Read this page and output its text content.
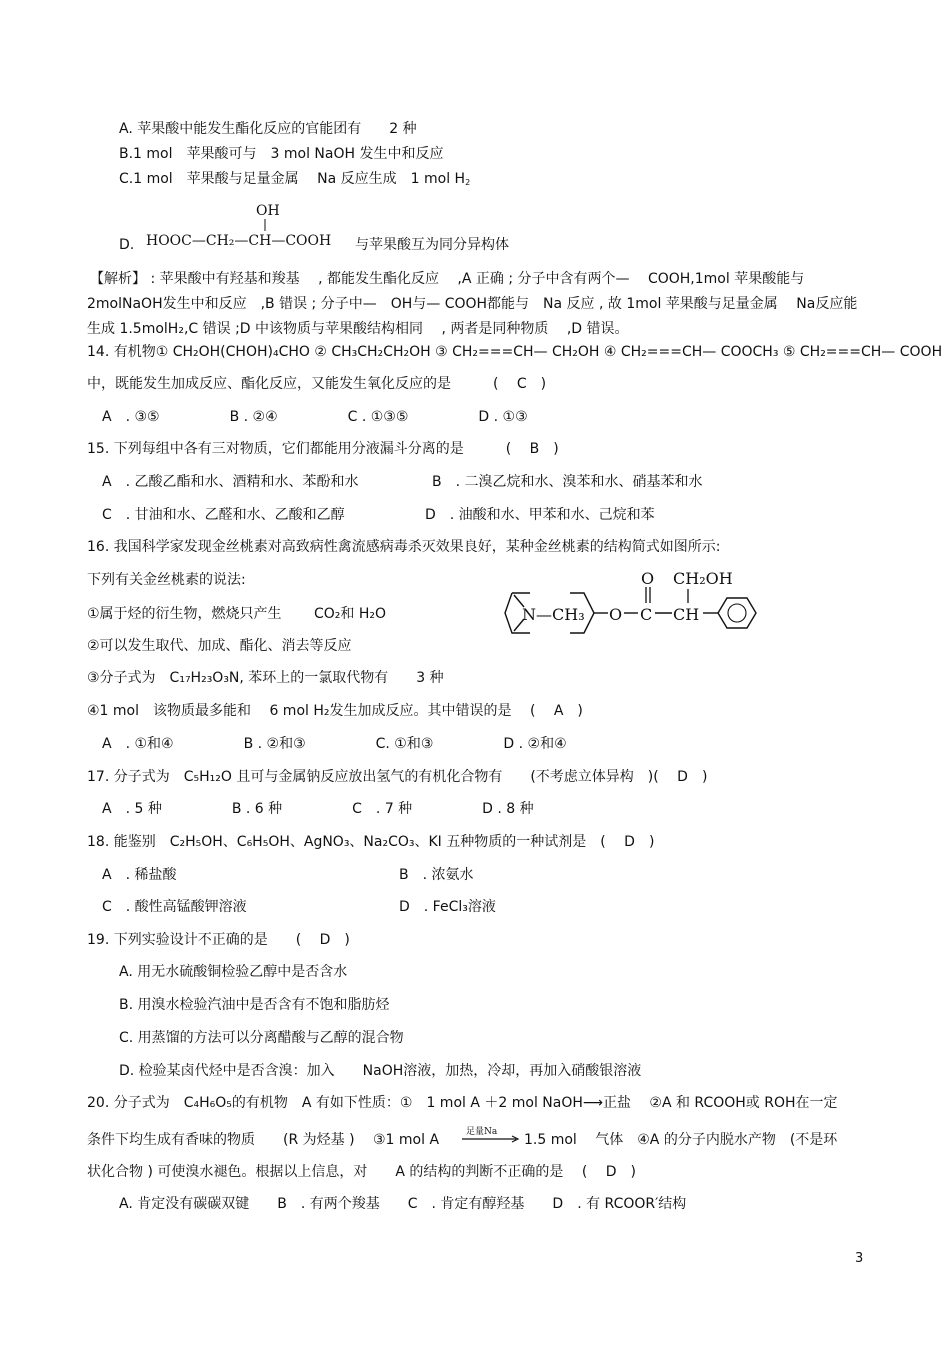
A. 苹果酸中能发生酯化反应的官能团有　　2 种
B.1 mol　苹果酸可与　3 mol NaOH 发生中和反应
C.1 mol　苹果酸与足量金属　 Na 反应生成　1 mol $H_2$
D.
OH
HOOC—CH₂—CH—COOH 与苹果酸互为同分异构体
【解析】 : 苹果酸中有羟基和羧基　 , 都能发生酯化反应　 ,A 正确 ; 分子中含有两个—　 COOH,1mol 苹果酸能与
2molNaOH发生中和反应　,B 错误 ; 分子中—　OH与— COOH都能与　Na 反应 , 故 1mol 苹果酸与足量金属　 Na反应能
生成 1.5molH₂,C 错误 ;D 中该物质与苹果酸结构相同　 , 两者是同种物质　 ,D 错误。
14. 有机物① CH₂OH(CHOH)₄CHO ② CH₃CH₂CH₂OH ③ CH₂===CH— CH₂OH ④ CH₂===CH— COOCH₃ ⑤ CH₂===CH— COOH
中，既能发生加成反应、酯化反应，又能发生氧化反应的是　　　(　 C　)
A　. ③⑤　　　　　B . ②④　　　　　C . ①③⑤　　　　　D . ①③
15. 下列每组中各有三对物质，它们都能用分液漏斗分离的是　　　(　 B　)
A　. 乙酸乙酯和水、酒精和水、苯酚和水	B　. 二溴乙烷和水、溴苯和水、硝基苯和水
C　. 甘油和水、乙醛和水、乙酸和乙醇	D　. 油酸和水、甲苯和水、己烷和苯
16. 我国科学家发现金丝桃素对高致病性禽流感病毒杀灭效果良好，某种金丝桃素的结构简式如图所示:
下列有关金丝桃素的说法:
①属于烃的衍生物，燃烧只产生　　 CO₂和 H₂O
②可以发生取代、加成、酯化、消去等反应
③分子式为　C₁₇H₂₃O₃N, 苯环上的一氯取代物有　　3 种
④1 mol　该物质最多能和　 6 mol H₂发生加成反应。其中错误的是　 (　 A　)
A　. ①和④　　　　　B . ②和③　　　　　C. ①和③　　　　　D . ②和④
N—CH₃ O C
O
CH
CH₂OH
17. 分子式为　C₅H₁₂O 且可与金属钠反应放出氢气的有机化合物有　　(不考虑立体异构　)(　 D　)
A　. 5 种　　　　　B . 6 种　　　　　C　. 7 种　　　　　D . 8 种
18. 能鉴别　C₂H₅OH、C₆H₅OH、AgNO₃、Na₂CO₃、KI 五种物质的一种试剂是　(　 D　)
A　. 稀盐酸	B　. 浓氨水
C　. 酸性高锰酸钾溶液	D　. FeCl₃溶液
19. 下列实验设计不正确的是　　(　 D　)
A. 用无水硫酸铜检验乙醇中是否含水
B. 用溴水检验汽油中是否含有不饱和脂肪烃
C. 用蒸馏的方法可以分离醋酸与乙醇的混合物
D. 检验某卤代烃中是否含溴：加入　　NaOH溶液，加热，冷却，再加入硝酸银溶液
20. 分子式为　C₄H₆O₅的有机物　A 有如下性质：①　1 mol A ＋2 mol NaOH⟶正盐　 ②A 和 RCOOH或 ROH在一定
条件下均生成有香味的物质　　(R 为烃基 )　 ③1 mol A	足量Na 1.5 mol　 气体　④A 的分子内脱水产物　(不是环
状化合物 ) 可使溴水褪色。根据以上信息，对　　A 的结构的判断不正确的是　 (　 D　)
A. 肯定没有碳碳双键　　B　. 有两个羧基　　C　. 肯定有醇羟基　　D　. 有 RCOOR′结构
3
